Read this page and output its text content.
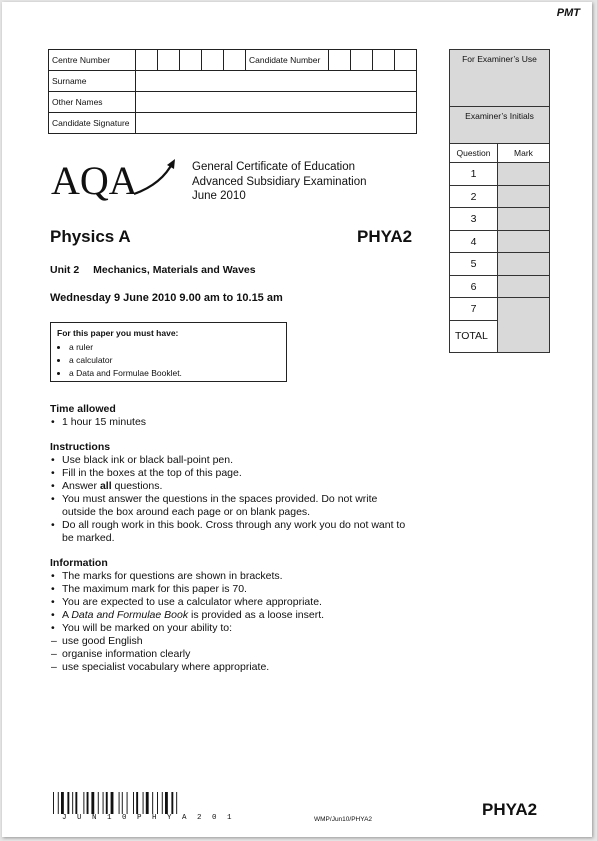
PMT
Centre Number						Candidate Number				
Surname										
Other Names										
Candidate Signature										
For Examiner’s Use
Examiner’s Initials
Question	Mark
1
2
3
4
5
6
7
TOTAL
AQA	General Certificate of Education
Advanced Subsidiary Examination
June 2010
Physics A	PHYA2
Unit 2 Mechanics, Materials and Waves
Wednesday 9 June 2010 9.00 am to 10.15 am
For this paper you must have:
• a ruler
• a calculator
• a Data and Formulae Booklet.
Time allowed
• 1 hour 15 minutes
Instructions
• Use black ink or black ball-point pen.
• Fill in the boxes at the top of this page.
• Answer all questions.
• You must answer the questions in the spaces provided. Do not write outside the box around each page or on blank pages.
• Do all rough work in this book. Cross through any work you do not want to be marked.
Information
• The marks for questions are shown in brackets.
• The maximum mark for this paper is 70.
• You are expected to use a calculator where appropriate.
• A Data and Formulae Book is provided as a loose insert.
• You will be marked on your ability to:
– use good English
– organise information clearly
– use specialist vocabulary where appropriate.
J U N 1 0 P H Y A 2 0 1	WMP/Jun10/PHYA2
PHYA2
